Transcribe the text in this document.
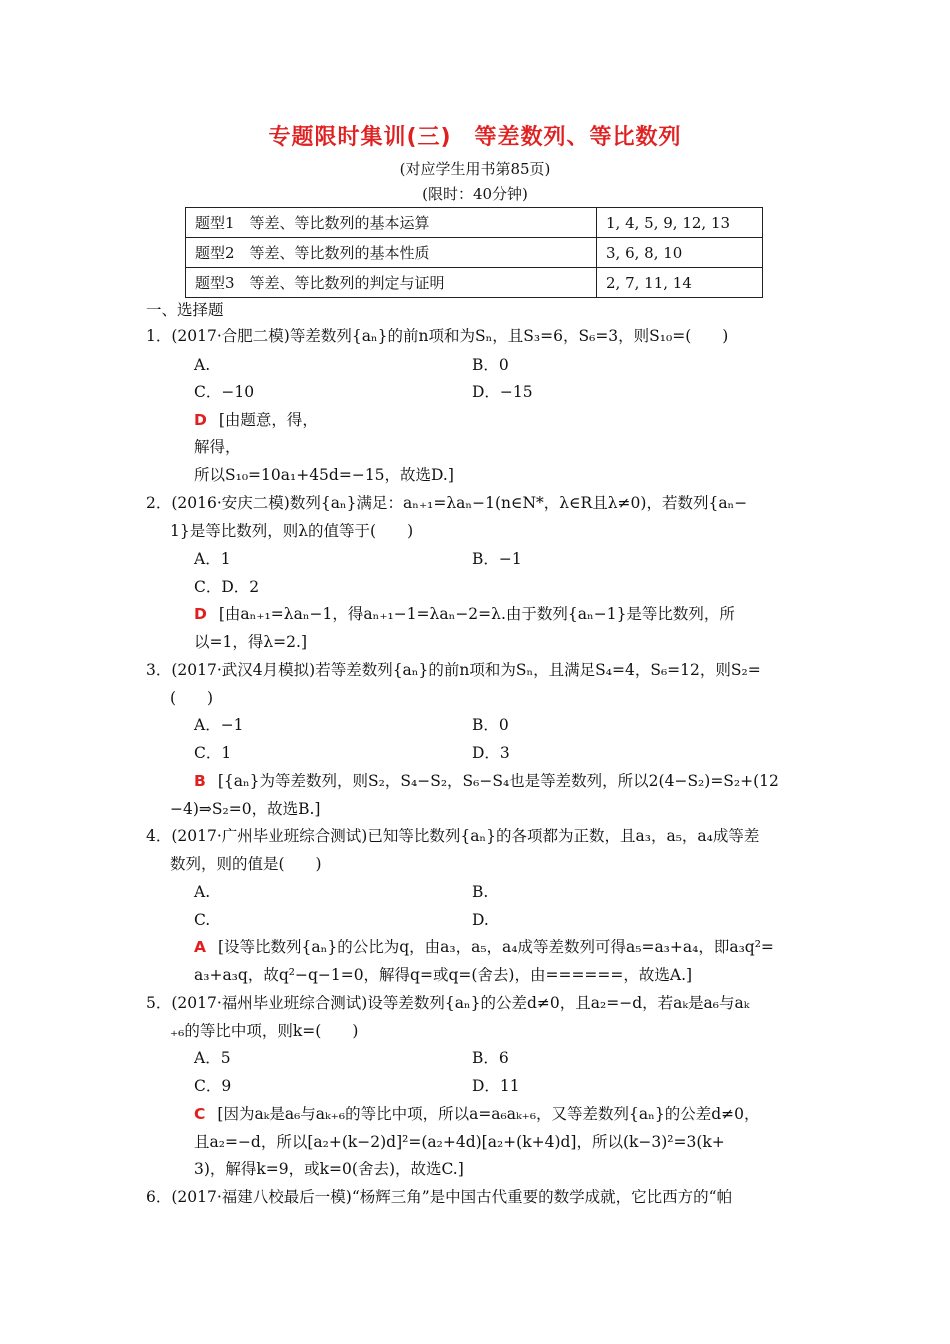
专题限时集训(三)　等差数列、等比数列
(对应学生用书第85页)
(限时：40分钟)
题型1　等差、等比数列的基本运算	1, 4, 5, 9, 12, 13
题型2　等差、等比数列的基本性质	3, 6, 8, 10
题型3　等差、等比数列的判定与证明	2, 7, 11, 14
一、选择题
1．(2017·合肥二模)等差数列{aₙ}的前n项和为Sₙ，且S₃=6，S₆=3，则S₁₀=(　　)
A.	B．0
C．−10	D．−15
D [由题意，得，
解得，
所以S₁₀=10a₁+45d=−15，故选D.]
2．(2016·安庆二模)数列{aₙ}满足：aₙ₊₁=λaₙ−1(n∈N*，λ∈R且λ≠0)，若数列{aₙ−
1}是等比数列，则λ的值等于(　　)
A．1	B．−1
C．D．2
D [由aₙ₊₁=λaₙ−1，得aₙ₊₁−1=λaₙ−2=λ.由于数列{aₙ−1}是等比数列，所
以=1，得λ=2.]
3．(2017·武汉4月模拟)若等差数列{aₙ}的前n项和为Sₙ，且满足S₄=4，S₆=12，则S₂=
(　　)
A．−1	B．0
C．1	D．3
B [{aₙ}为等差数列，则S₂，S₄−S₂，S₆−S₄也是等差数列，所以2(4−S₂)=S₂+(12
−4)⇒S₂=0，故选B.]
4．(2017·广州毕业班综合测试)已知等比数列{aₙ}的各项都为正数，且a₃，a₅，a₄成等差
数列，则的值是(　　)
A.	B.
C.	D.
A [设等比数列{aₙ}的公比为q，由a₃，a₅，a₄成等差数列可得a₅=a₃+a₄，即a₃q²=
a₃+a₃q，故q²−q−1=0，解得q=或q=(舍去)，由======，故选A.]
5．(2017·福州毕业班综合测试)设等差数列{aₙ}的公差d≠0，且a₂=−d，若aₖ是a₆与aₖ
₊₆的等比中项，则k=(　　)
A．5	B．6
C．9	D．11
C [因为aₖ是a₆与aₖ₊₆的等比中项，所以a=a₆aₖ₊₆，又等差数列{aₙ}的公差d≠0，
且a₂=−d，所以[a₂+(k−2)d]²=(a₂+4d)[a₂+(k+4)d]，所以(k−3)²=3(k+
3)，解得k=9，或k=0(舍去)，故选C.]
6．(2017·福建八校最后一模)“杨辉三角”是中国古代重要的数学成就，它比西方的“帕
